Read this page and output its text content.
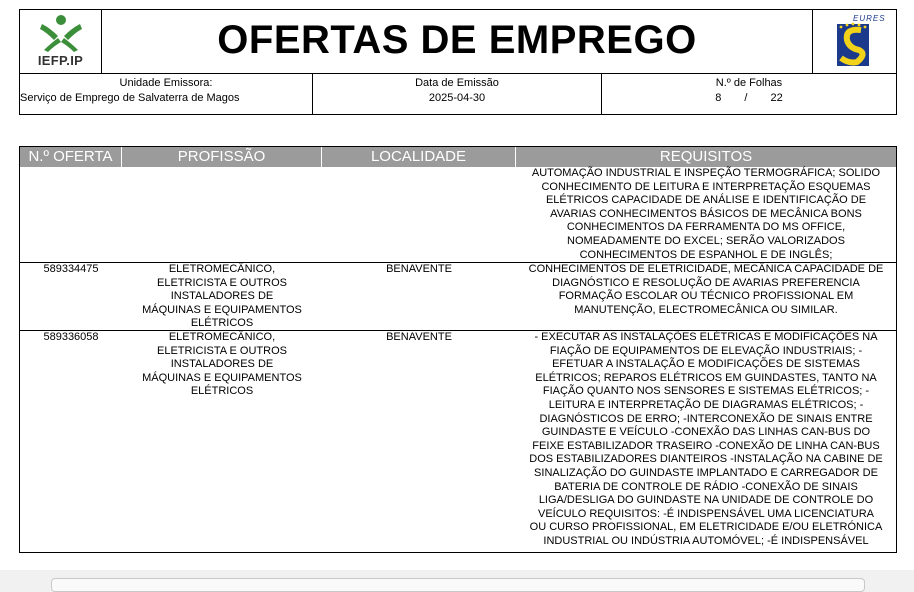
IEFP.IP	OFERTAS DE EMPREGO	EURES
Unidade Emissora:
Serviço de Emprego de Salvaterra de Magos
Data de Emissão
2025-04-30
N.º de Folhas
8 / 22
N.º OFERTA	PROFISSÃO	LOCALIDADE	REQUISITOS
AUTOMAÇÃO INDUSTRIAL E INSPEÇÃO TERMOGRÁFICA; SOLIDO
CONHECIMENTO DE LEITURA E INTERPRETAÇÃO ESQUEMAS
ELÉTRICOS CAPACIDADE DE ANÁLISE E IDENTIFICAÇÃO DE
AVARIAS CONHECIMENTOS BÁSICOS DE MECÂNICA BONS
CONHECIMENTOS DA FERRAMENTA DO MS OFFICE,
NOMEADAMENTE DO EXCEL; SERÃO VALORIZADOS
CONHECIMENTOS DE ESPANHOL E DE INGLÊS;
589334475	ELETROMECÂNICO,
ELETRICISTA E OUTROS
INSTALADORES DE
MÁQUINAS E EQUIPAMENTOS
ELÉTRICOS
BENAVENTE	CONHECIMENTOS DE ELETRICIDADE, MECÂNICA CAPACIDADE DE
DIAGNÓSTICO E RESOLUÇÃO DE AVARIAS PREFERENCIA
FORMAÇÃO ESCOLAR OU TÉCNICO PROFISSIONAL EM
MANUTENÇÃO, ELECTROMECÂNICA OU SIMILAR.
589336058	ELETROMECÂNICO,
ELETRICISTA E OUTROS
INSTALADORES DE
MÁQUINAS E EQUIPAMENTOS
ELÉTRICOS
BENAVENTE	- EXECUTAR AS INSTALAÇÕES ELÉTRICAS E MODIFICAÇÕES NA
FIAÇÃO DE EQUIPAMENTOS DE ELEVAÇÃO INDUSTRIAIS; -
EFETUAR A INSTALAÇÃO E MODIFICAÇÕES DE SISTEMAS
ELÉTRICOS; REPAROS ELÉTRICOS EM GUINDASTES, TANTO NA
FIAÇÃO QUANTO NOS SENSORES E SISTEMAS ELÉTRICOS; -
LEITURA E INTERPRETAÇÃO DE DIAGRAMAS ELÉTRICOS; -
DIAGNÓSTICOS DE ERRO; -INTERCONEXÃO DE SINAIS ENTRE
GUINDASTE E VEÍCULO -CONEXÃO DAS LINHAS CAN-BUS DO
FEIXE ESTABILIZADOR TRASEIRO -CONEXÃO DE LINHA CAN-BUS
DOS ESTABILIZADORES DIANTEIROS -INSTALAÇÃO NA CABINE DE
SINALIZAÇÃO DO GUINDASTE IMPLANTADO E CARREGADOR DE
BATERIA DE CONTROLE DE RÁDIO -CONEXÃO DE SINAIS
LIGA/DESLIGA DO GUINDASTE NA UNIDADE DE CONTROLE DO
VEÍCULO REQUISITOS: -É INDISPENSÁVEL UMA LICENCIATURA
OU CURSO PROFISSIONAL, EM ELETRICIDADE E/OU ELETRÓNICA
INDUSTRIAL OU INDÚSTRIA AUTOMÓVEL; -É INDISPENSÁVEL
